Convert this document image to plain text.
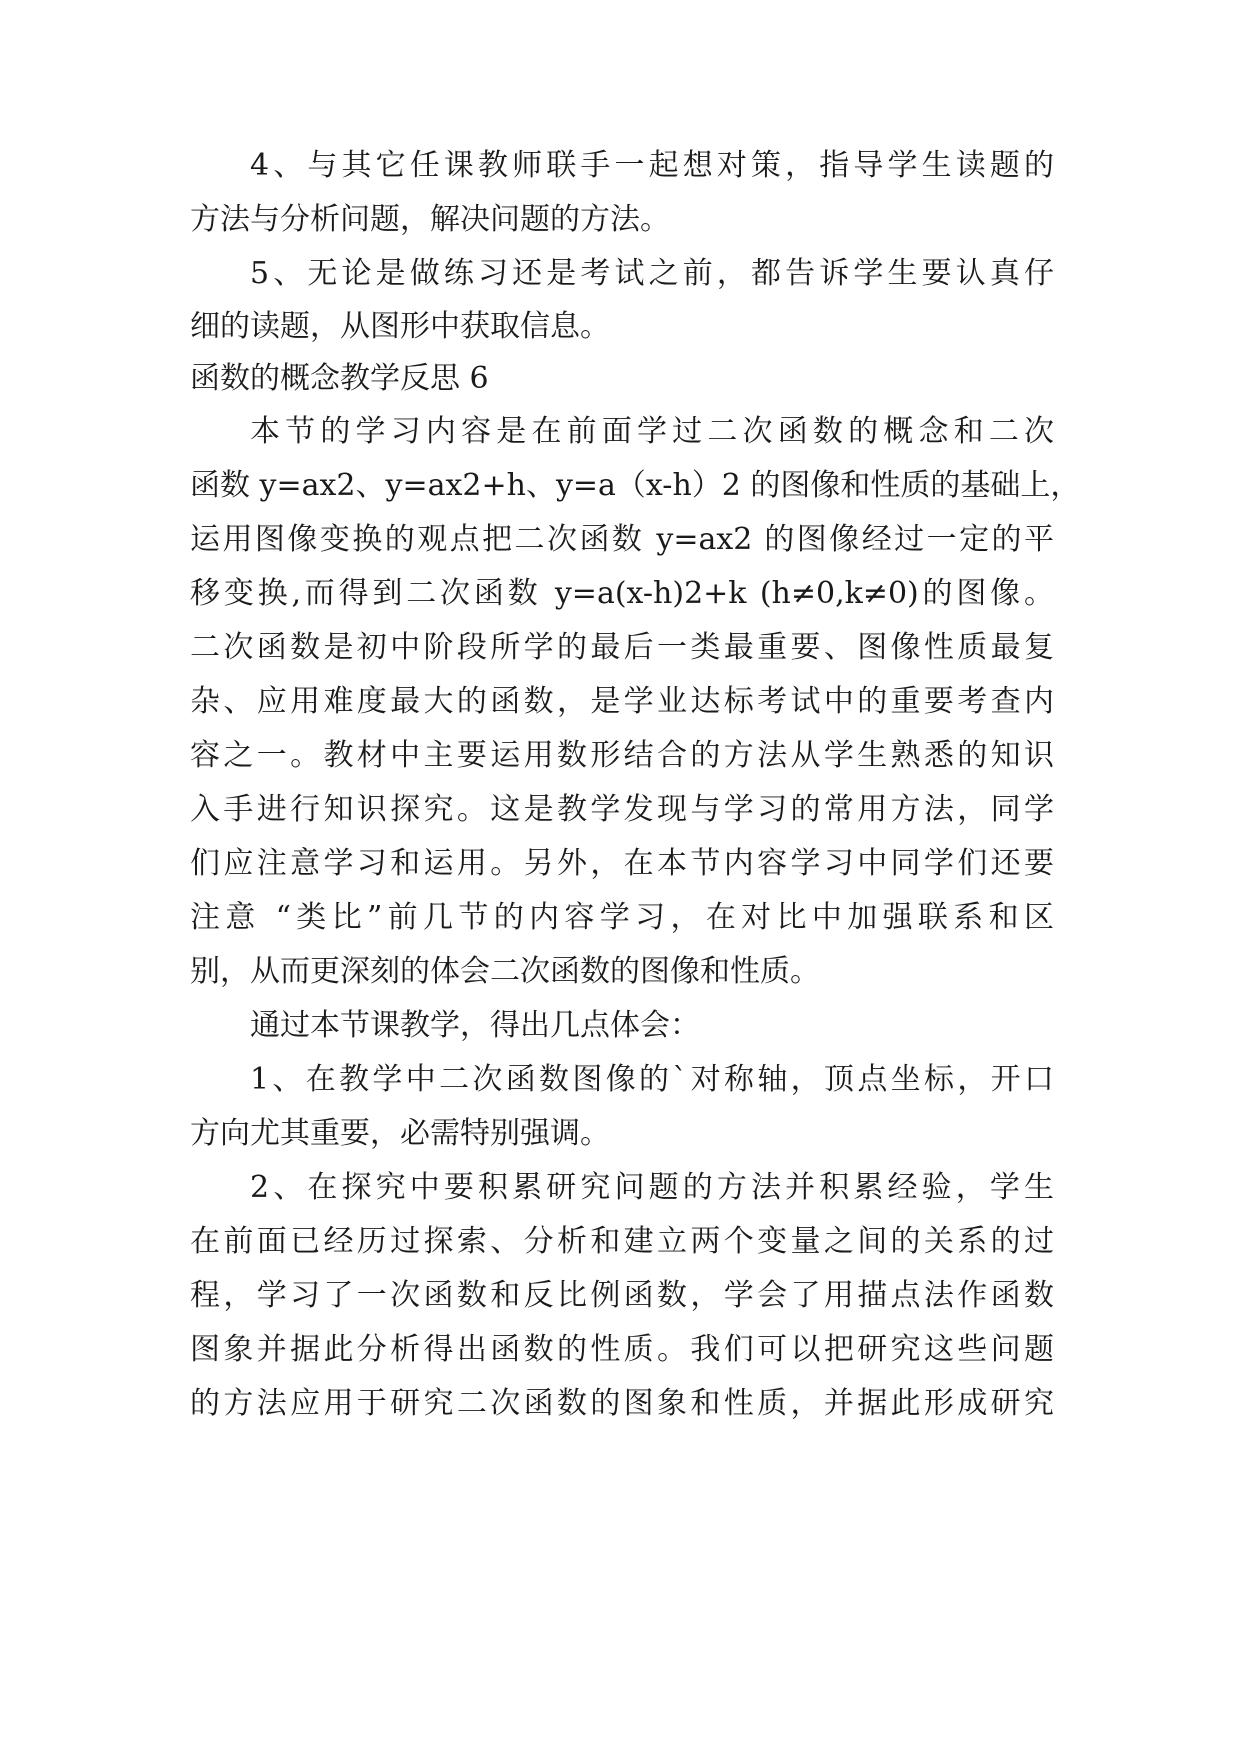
4、与其它任课教师联手一起想对策，指导学生读题的
方法与分析问题，解决问题的方法。
5、无论是做练习还是考试之前，都告诉学生要认真仔
细的读题，从图形中获取信息。
函数的概念教学反思 6
本节的学习内容是在前面学过二次函数的概念和二次
函数 y=ax2、y=ax2+h、y=a（x-h）2 的图像和性质的基础上，
运用图像变换的观点把二次函数 y=ax2 的图像经过一定的平
移变换,而得到二次函数 y=a(x-h)2+k (h≠0,k≠0)的图像。
二次函数是初中阶段所学的最后一类最重要、图像性质最复
杂、应用难度最大的函数，是学业达标考试中的重要考查内
容之一。教材中主要运用数形结合的方法从学生熟悉的知识
入手进行知识探究。这是教学发现与学习的常用方法，同学
们应注意学习和运用。另外，在本节内容学习中同学们还要
注意 “类比”前几节的内容学习，在对比中加强联系和区
别，从而更深刻的体会二次函数的图像和性质。
通过本节课教学，得出几点体会：
1、在教学中二次函数图像的`对称轴，顶点坐标，开口
方向尤其重要，必需特别强调。
2、在探究中要积累研究问题的方法并积累经验，学生
在前面已经历过探索、分析和建立两个变量之间的关系的过
程，学习了一次函数和反比例函数，学会了用描点法作函数
图象并据此分析得出函数的性质。我们可以把研究这些问题
的方法应用于研究二次函数的图象和性质，并据此形成研究
